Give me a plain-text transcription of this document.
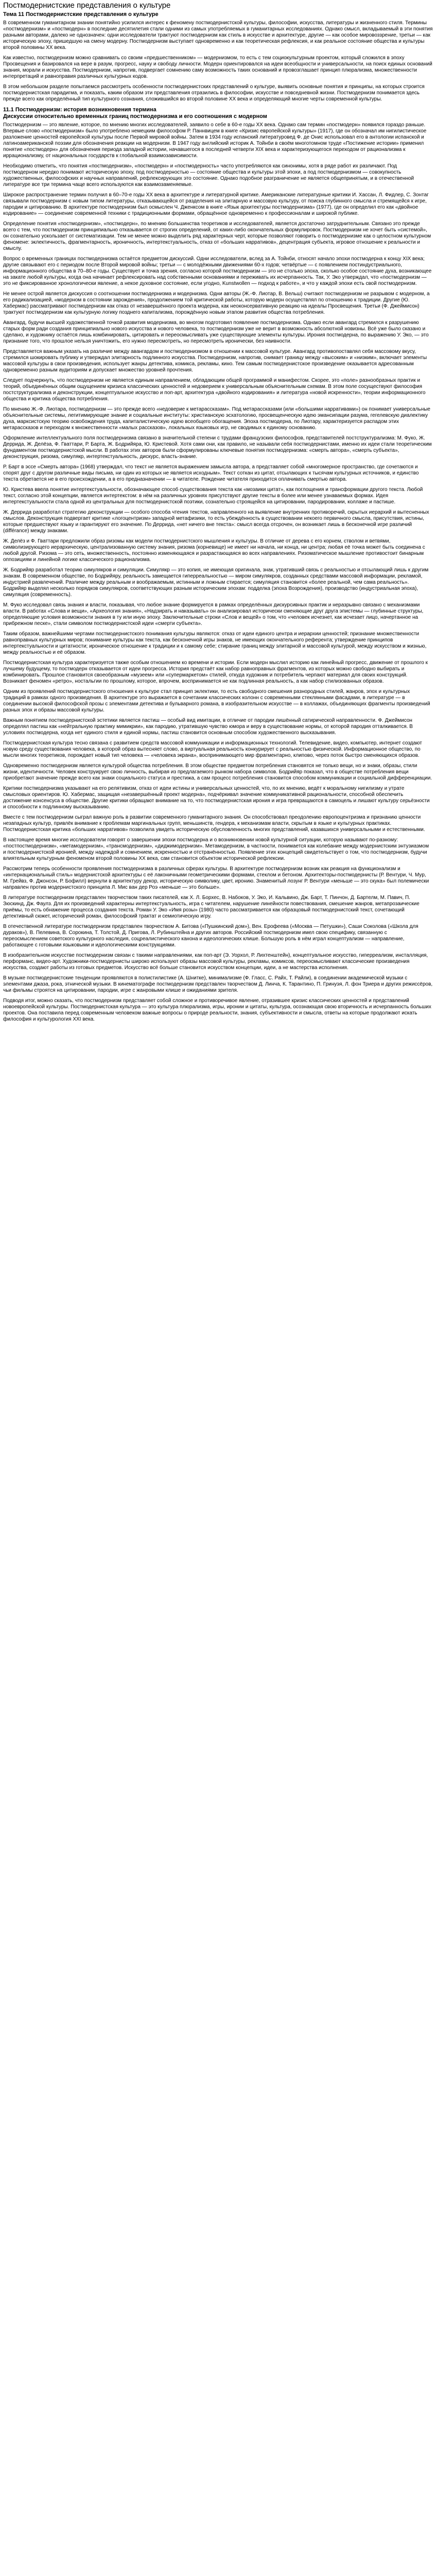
Постмодернистские представления о культуре
Тема 11 Постмодернистские представления о культуре

В современном гуманитарном знании понятийно усилился интерес к феномену постмодернистской культуры, философии, искусства, литературы и жизненного стиля. Термины «постмодернизм» и «постмодерн» в последние десятилетия стали одними из самых употребляемых в гуманитарных исследованиях. Однако смысл, вкладываемый в эти понятия разными авторами, далеко не однозначен: одни исследователи трактуют постмодернизм как стиль в искусстве и архитектуре, другие — как особое мировоззрение, третьи — как историческую эпоху, пришедшую на смену модерну. Постмодернизм выступает одновременно и как теоретическая рефлексия, и как реальное состояние общества и культуры второй половины XX века.

Как известно, постмодернизм можно сравнивать со своим «предшественником» — модернизмом, то есть с тем социокультурным проектом, который сложился в эпоху Просвещения и базировался на вере в разум, прогресс, науку и свободу личности. Модерн ориентировался на идеи всеобщности и универсальности, на поиск единых оснований знания, морали и искусства. Постмодернизм, напротив, подвергает сомнению саму возможность таких оснований и провозглашает принцип плюрализма, множественности интерпретаций и равноправия различных культурных кодов.

В этом небольшом разделе попытаемся рассмотреть особенности постмодернистских представлений о культуре, выявить основные понятия и принципы, на которых строится постмодернистская парадигма, и показать, каким образом эти представления отразились в философии, искусстве и повседневной жизни. Постмодернизм понимается здесь прежде всего как определённый тип культурного сознания, сложившийся во второй половине XX века и определяющий многие черты современной культуры.

11.1 Постмодернизм: история возникновения термина
Дискуссии относительно временных границ постмодернизма и его соотношения с модерном

Постмодернизм — это явление, которое, по мнению многих исследователей, заявило о себе в 60-е годы XX века. Однако сам термин «постмодерн» появился гораздо раньше. Впервые слово «постмодернизм» было употреблено немецким философом Р. Паннвицем в книге «Кризис европейской культуры» (1917), где он обозначал им нигилистическое разложение ценностей европейской культуры после Первой мировой войны. Затем в 1934 году испанский литературовед Ф. де Онис использовал его в антологии испанской и латиноамериканской поэзии для обозначения реакции на модернизм. В 1947 году английский историк А. Тойнби в своём многотомном труде «Постижение истории» применил понятие «постмодерн» для обозначения периода западной истории, начавшегося в последней четверти XIX века и характеризующегося переходом от рационализма к иррационализму, от национальных государств к глобальной взаимозависимости.

Необходимо отметить, что понятия «постмодернизм», «постмодерн» и «постмодерность» часто употребляются как синонимы, хотя в ряде работ их различают. Под постмодерном нередко понимают историческую эпоху, под постмодерностью — состояние общества и культуры этой эпохи, а под постмодернизмом — совокупность художественных, философских и научных направлений, рефлексирующих это состояние. Однако подобное разграничение не является общепринятым, и в отечественной литературе все три термина чаще всего используются как взаимозаменяемые.

Широкое распространение термин получил в 60–70-е годы XX века в архитектуре и литературной критике. Американские литературные критики И. Хассан, Л. Фидлер, С. Зонтаг связывали постмодернизм с новым типом литературы, отказывающейся от разделения на элитарную и массовую культуру, от поиска глубинного смысла и стремящейся к игре, пародии и цитированию. В архитектуре постмодернизм был осмыслен Ч. Дженксом в книге «Язык архитектуры постмодернизма» (1977), где он определил его как «двойное кодирование» — соединение современной техники с традиционными формами, обращённое одновременно к профессионалам и широкой публике.

Определение понятия «постмодернизм», «постмодерн», по мнению большинства теоретиков и исследователей, является достаточно затруднительным. Связано это прежде всего с тем, что постмодернизм принципиально отказывается от строгих определений, от каких-либо окончательных формулировок. Постмодернизм не хочет быть «системой», он сознательно ускользает от систематизации. Тем не менее можно выделить ряд характерных черт, которые позволяют говорить о постмодернизме как о целостном культурном феномене: эклектичность, фрагментарность, ироничность, интертекстуальность, отказ от «больших нарративов», децентрация субъекта, игровое отношение к реальности и смыслу.

Вопрос о временных границах постмодернизма остаётся предметом дискуссий. Одни исследователи, вслед за А. Тойнби, относят начало эпохи постмодерна к концу XIX века; другие связывают его с периодом после Второй мировой войны; третьи — с молодёжными движениями 60-х годов; четвёртые — с появлением постиндустриального, информационного общества в 70–80-е годы. Существует и точка зрения, согласно которой постмодернизм — это не столько эпоха, сколько особое состояние духа, возникающее на закате любой культуры, когда она начинает рефлексировать над собственными основаниями и переживать их исчерпанность. Так, У. Эко утверждал, что «постмодернизм — это не фиксированное хронологически явление, а некое духовное состояние, если угодно, Kunstwollen — подход к работе», и что у каждой эпохи есть свой постмодернизм.

Не менее острой является дискуссия о соотношении постмодернизма и модернизма. Одни авторы (Ж.-Ф. Лиотар, В. Вельш) считают постмодернизм не разрывом с модерном, а его радикализацией, «модерном в состоянии зарождения», продолжением той критической работы, которую модерн осуществлял по отношению к традиции. Другие (Ю. Хабермас) рассматривают постмодернизм как отказ от незавершённого проекта модерна, как неоконсервативную реакцию на идеалы Просвещения. Третьи (Ф. Джеймисон) трактуют постмодернизм как культурную логику позднего капитализма, порождённую новым этапом развития общества потребления.

Авангард, будучи высшей художественной точкой развития модернизма, во многом подготовил появление постмодернизма. Однако если авангард стремился к разрушению старых форм ради создания принципиально нового искусства и нового человека, то постмодернизм уже не верит в возможность абсолютной новизны. Всё уже было сказано и сделано, и художнику остаётся лишь комбинировать, цитировать и переосмысливать уже существующие элементы культуры. Ирония постмодерна, по выражению У. Эко, — это признание того, что прошлое нельзя уничтожить, его нужно пересмотреть, но пересмотреть иронически, без наивности.

Представляется важным указать на различие между авангардом и постмодернизмом в отношении к массовой культуре. Авангард противопоставлял себя массовому вкусу, стремился шокировать публику и утверждал элитарность подлинного искусства. Постмодернизм, напротив, снимает границу между «высоким» и «низким», включает элементы массовой культуры в свои произведения, использует жанры детектива, комикса, рекламы, кино. Тем самым постмодернистское произведение оказывается адресованным одновременно разным аудиториям и допускает множество уровней прочтения.

Следует подчеркнуть, что постмодернизм не является единым направлением, обладающим общей программой и манифестом. Скорее, это «поле» разнообразных практик и теорий, объединённых общим ощущением кризиса классических ценностей и недоверием к универсальным объяснительным схемам. В этом поле сосуществуют философия постструктурализма и деконструкции, концептуальное искусство и поп-арт, архитектура «двойного кодирования» и литература «новой искренности», теории информационного общества и критика общества потребления.

По мнению Ж.-Ф. Лиотара, постмодернизм — это прежде всего «недоверие к метарассказам». Под метарассказами (или «большими нарративами») он понимает универсальные объяснительные системы, легитимирующие знание и социальные институты: христианскую эсхатологию, просвещенческую идею эмансипации разума, гегелевскую диалектику духа, марксистскую теорию освобождения труда, капиталистическую идею всеобщего обогащения. Эпоха постмодерна, по Лиотару, характеризуется распадом этих метарассказов и переходом к множественности «малых рассказов», локальных языковых игр, не сводимых к единому основанию.

Оформление интеллектуального поля постмодернизма связано в значительной степени с трудами французских философов, представителей постструктурализма: М. Фуко, Ж. Деррида, Ж. Делёза, Ф. Гваттари, Р. Барта, Ж. Бодрийяра, Ю. Кристевой. Хотя сами они, как правило, не называли себя постмодернистами, именно их идеи стали теоретическим фундаментом постмодернистской мысли. В работах этих авторов были сформулированы ключевые понятия постмодернизма: «смерть автора», «смерть субъекта», деконструкция, ризома, симулякр, интертекстуальность, дискурс, власть-знание.

Р. Барт в эссе «Смерть автора» (1968) утверждал, что текст не является выражением замысла автора, а представляет собой «многомерное пространство, где сочетаются и спорят друг с другом различные виды письма, ни один из которых не является исходным». Текст соткан из цитат, отсылающих к тысячам культурных источников, и единство текста обретается не в его происхождении, а в его предназначении — в читателе. Рождение читателя приходится оплачивать смертью автора.

Ю. Кристева ввела понятие интертекстуальности, обозначающее способ существования текста как «мозаики цитат», как поглощения и трансформации другого текста. Любой текст, согласно этой концепции, является интертекстом: в нём на различных уровнях присутствуют другие тексты в более или менее узнаваемых формах. Идея интертекстуальности стала одной из центральных для постмодернистской поэтики, сознательно строящейся на цитировании, пародировании, коллаже и пастише.

Ж. Деррида разработал стратегию деконструкции — особого способа чтения текстов, направленного на выявление внутренних противоречий, скрытых иерархий и вытесненных смыслов. Деконструкция подвергает критике «логоцентризм» западной метафизики, то есть убеждённость в существовании некоего первичного смысла, присутствия, истины, которые предшествуют языку и гарантируют его значение. По Деррида, «нет ничего вне текста»: смысл всегда отсрочен, он возникает лишь в бесконечной игре различий (différance) между знаками.

Ж. Делёз и Ф. Гваттари предложили образ ризомы как модели постмодернистского мышления и культуры. В отличие от дерева с его корнем, стволом и ветвями, символизирующего иерархическую, централизованную систему знания, ризома (корневище) не имеет ни начала, ни конца, ни центра; любая её точка может быть соединена с любой другой. Ризома — это сеть, множественность, постоянно изменяющаяся и разрастающаяся во всех направлениях. Ризоматическое мышление противостоит бинарным оппозициям и линейной логике классического рационализма.

Ж. Бодрийяр разработал теорию симулякров и симуляции. Симулякр — это копия, не имеющая оригинала, знак, утративший связь с реальностью и отсылающий лишь к другим знакам. В современном обществе, по Бодрийяру, реальность замещается гиперреальностью — миром симулякров, созданных средствами массовой информации, рекламой, индустрией развлечений. Различие между реальным и воображаемым, истинным и ложным стирается; симуляция становится «более реальной, чем сама реальность». Бодрийяр выделял несколько порядков симулякров, соответствующих разным историческим эпохам: подделка (эпоха Возрождения), производство (индустриальная эпоха), симуляция (современность).

М. Фуко исследовал связь знания и власти, показывая, что любое знание формируется в рамках определённых дискурсивных практик и неразрывно связано с механизмами власти. В работах «Слова и вещи», «Археология знания», «Надзирать и наказывать» он анализировал исторически сменяющие друг друга эпистемы — глубинные структуры, определяющие условия возможности знания в ту или иную эпоху. Заключительные строки «Слов и вещей» о том, что «человек исчезнет, как исчезает лицо, начертанное на прибрежном песке», стали символом постмодернистской идеи «смерти субъекта».

Таким образом, важнейшими чертами постмодернистского понимания культуры являются: отказ от идеи единого центра и иерархии ценностей; признание множественности равноправных культурных миров; понимание культуры как текста, как бесконечной игры знаков, не имеющих окончательного референта; утверждение принципов интертекстуальности и цитатности; ироническое отношение к традиции и к самому себе; стирание границ между элитарной и массовой культурой, между искусством и жизнью, между реальностью и её образом.

Постмодернистская культура характеризуется также особым отношением ко времени и истории. Если модерн мыслил историю как линейный прогресс, движение от прошлого к лучшему будущему, то постмодерн отказывается от идеи прогресса. История предстаёт как набор равноправных фрагментов, из которых можно свободно выбирать и комбинировать. Прошлое становится своеобразным «музеем» или «супермаркетом» стилей, откуда художник и потребитель черпают материал для своих конструкций. Возникает феномен «ретро», ностальгии по прошлому, которое, впрочем, воспринимается не как подлинная реальность, а как набор стилизованных образов.

Одним из проявлений постмодернистского отношения к культуре стал принцип эклектики, то есть свободного смешения разнородных стилей, жанров, эпох и культурных традиций в рамках одного произведения. В архитектуре это выражается в сочетании классических колонн с современными стеклянными фасадами, в литературе — в соединении высокой философской прозы с элементами детектива и бульварного романа, в изобразительном искусстве — в коллажах, объединяющих фрагменты произведений разных эпох и образы массовой культуры.

Важным понятием постмодернистской эстетики является пастиш — особый вид имитации, в отличие от пародии лишённый сатирической направленности. Ф. Джеймисон определял пастиш как «нейтральную практику мимикрии», как пародию, утратившую чувство юмора и веру в существование нормы, от которой пародия отталкивается. В условиях постмодерна, когда нет единого стиля и единой нормы, пастиш становится основным способом художественного высказывания.

Постмодернистская культура тесно связана с развитием средств массовой коммуникации и информационных технологий. Телевидение, видео, компьютер, интернет создают новую среду существования человека, в которой образ вытесняет слово, а виртуальная реальность конкурирует с реальностью физической. Информационное общество, по мысли многих теоретиков, порождает новый тип человека — «человека экрана», воспринимающего мир фрагментарно, клипово, через поток быстро сменяющихся образов.

Одновременно постмодернизм является культурой общества потребления. В этом обществе предметом потребления становятся не только вещи, но и знаки, образы, стили жизни, идентичности. Человек конструирует свою личность, выбирая из предлагаемого рынком набора символов. Бодрийяр показал, что в обществе потребления вещи приобретают значение прежде всего как знаки социального статуса и престижа, а сам процесс потребления становится способом коммуникации и социальной дифференциации.

Критики постмодернизма указывают на его релятивизм, отказ от идеи истины и универсальных ценностей, что, по их мнению, ведёт к моральному нигилизму и утрате смысловых ориентиров. Ю. Хабермас, защищая «незавершённый проект модерна», подчёркивал значение коммуникативной рациональности, способной обеспечить достижение консенсуса в обществе. Другие критики обращают внимание на то, что постмодернистская ирония и игра превращаются в самоцель и лишают культуру серьёзности и способности к подлинному высказыванию.

Вместе с тем постмодернизм сыграл важную роль в развитии современного гуманитарного знания. Он способствовал преодолению европоцентризма и признанию ценности незападных культур, привлёк внимание к проблемам маргинальных групп, меньшинств, гендера, к механизмам власти, скрытым в языке и культурных практиках. Постмодернистская критика «больших нарративов» позволила увидеть историческую обусловленность многих представлений, казавшихся универсальными и естественными.

В настоящее время многие исследователи говорят о завершении эпохи постмодерна и о возникновении новой культурной ситуации, которую называют по-разному: «постпостмодернизм», «метамодернизм», «трансмодернизм», «диджимодернизм». Метамодернизм, в частности, понимается как колебание между модернистским энтузиазмом и постмодернистской иронией, между надеждой и сомнением, искренностью и отстранённостью. Появление этих концепций свидетельствует о том, что постмодернизм, будучи влиятельным культурным феноменом второй половины XX века, сам становится объектом исторической рефлексии.

Рассмотрим теперь особенности проявления постмодернизма в различных сферах культуры. В архитектуре постмодернизм возник как реакция на функционализм и «интернациональный стиль» модернистской архитектуры с её лаконичными геометрическими формами, стеклом и бетоном. Архитекторы-постмодернисты (Р. Вентури, Ч. Мур, М. Грейвз, Ф. Джонсон, Р. Бофилл) вернули в архитектуру декор, историческую символику, цвет, иронию. Знаменитый лозунг Р. Вентури «меньше — это скука» был полемически направлен против модернистского принципа Л. Мис ван дер Роэ «меньше — это больше».

В литературе постмодернизм представлен творчеством таких писателей, как Х. Л. Борхес, В. Набоков, У. Эко, И. Кальвино, Дж. Барт, Т. Пинчон, Д. Бартелм, М. Павич, П. Зюскинд, Дж. Фаулз. Для их произведений характерны интертекстуальность, игра с читателем, нарушение линейности повествования, смешение жанров, метапрозаические приёмы, то есть обнажение процесса создания текста. Роман У. Эко «Имя розы» (1980) часто рассматривается как образцовый постмодернистский текст, сочетающий детективный сюжет, исторический роман, философский трактат и семиотическую игру.

В отечественной литературе постмодернизм представлен творчеством А. Битова («Пушкинский дом»), Вен. Ерофеева («Москва — Петушки»), Саши Соколова («Школа для дураков»), В. Пелевина, В. Сорокина, Т. Толстой, Д. Пригова, Л. Рубинштейна и других авторов. Российский постмодернизм имел свою специфику, связанную с переосмыслением советского культурного наследия, соцреалистического канона и идеологических клише. Большую роль в нём играл концептуализм — направление, работающее с готовыми языковыми и идеологическими конструкциями.

В изобразительном искусстве постмодернизм связан с такими направлениями, как поп-арт (Э. Уорхол, Р. Лихтенштейн), концептуальное искусство, гиперреализм, инсталляция, перформанс, видео-арт. Художники-постмодернисты широко используют образы массовой культуры, рекламы, комиксов, переосмысливают классические произведения искусства, создают работы из готовых предметов. Искусство всё больше становится искусством концепции, идеи, а не мастерства исполнения.

В музыке постмодернистские тенденции проявляются в полистилистике (А. Шнитке), минимализме (Ф. Гласс, С. Райх, Т. Райли), в соединении академической музыки с элементами джаза, рока, этнической музыки. В кинематографе постмодернизм представлен творчеством Д. Линча, К. Тарантино, П. Гринуэя, Л. фон Триера и других режиссёров, чьи фильмы строятся на цитировании, пародии, игре с жанровыми клише и ожиданиями зрителя.

Подводя итог, можно сказать, что постмодернизм представляет собой сложное и противоречивое явление, отразившее кризис классических ценностей и представлений новоевропейской культуры. Постмодернистская культура — это культура плюрализма, игры, иронии и цитаты, культура, осознающая свою вторичность и исчерпанность больших проектов. Она поставила перед современным человеком важные вопросы о природе реальности, знания, субъективности и смысла, ответы на которые продолжают искать философия и культурология XXI века.
